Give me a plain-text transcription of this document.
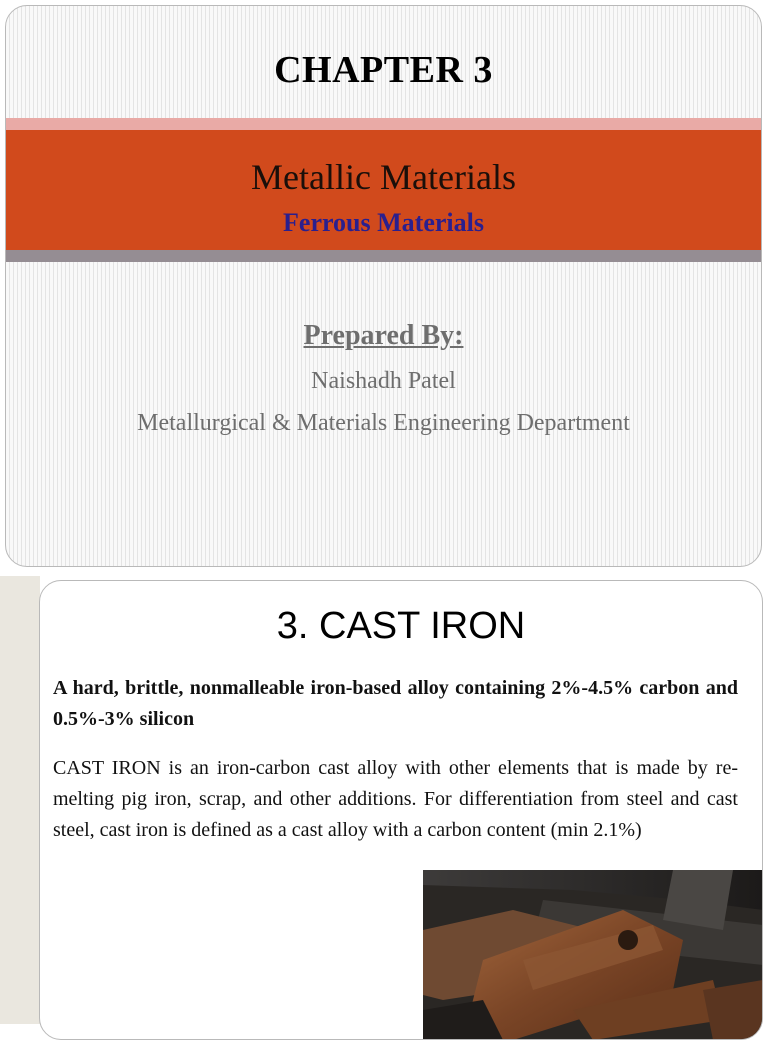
CHAPTER 3
Metallic Materials
Ferrous Materials
Prepared By:
Naishadh Patel
Metallurgical & Materials Engineering Department
3. CAST IRON
A hard, brittle, nonmalleable iron-based alloy containing 2%-4.5% carbon and 0.5%-3% silicon
CAST IRON is an iron-carbon cast alloy with other elements that is made by re-melting pig iron, scrap, and other additions. For differentiation from steel and cast steel, cast iron is defined as a cast alloy with a carbon content (min 2.1%)
